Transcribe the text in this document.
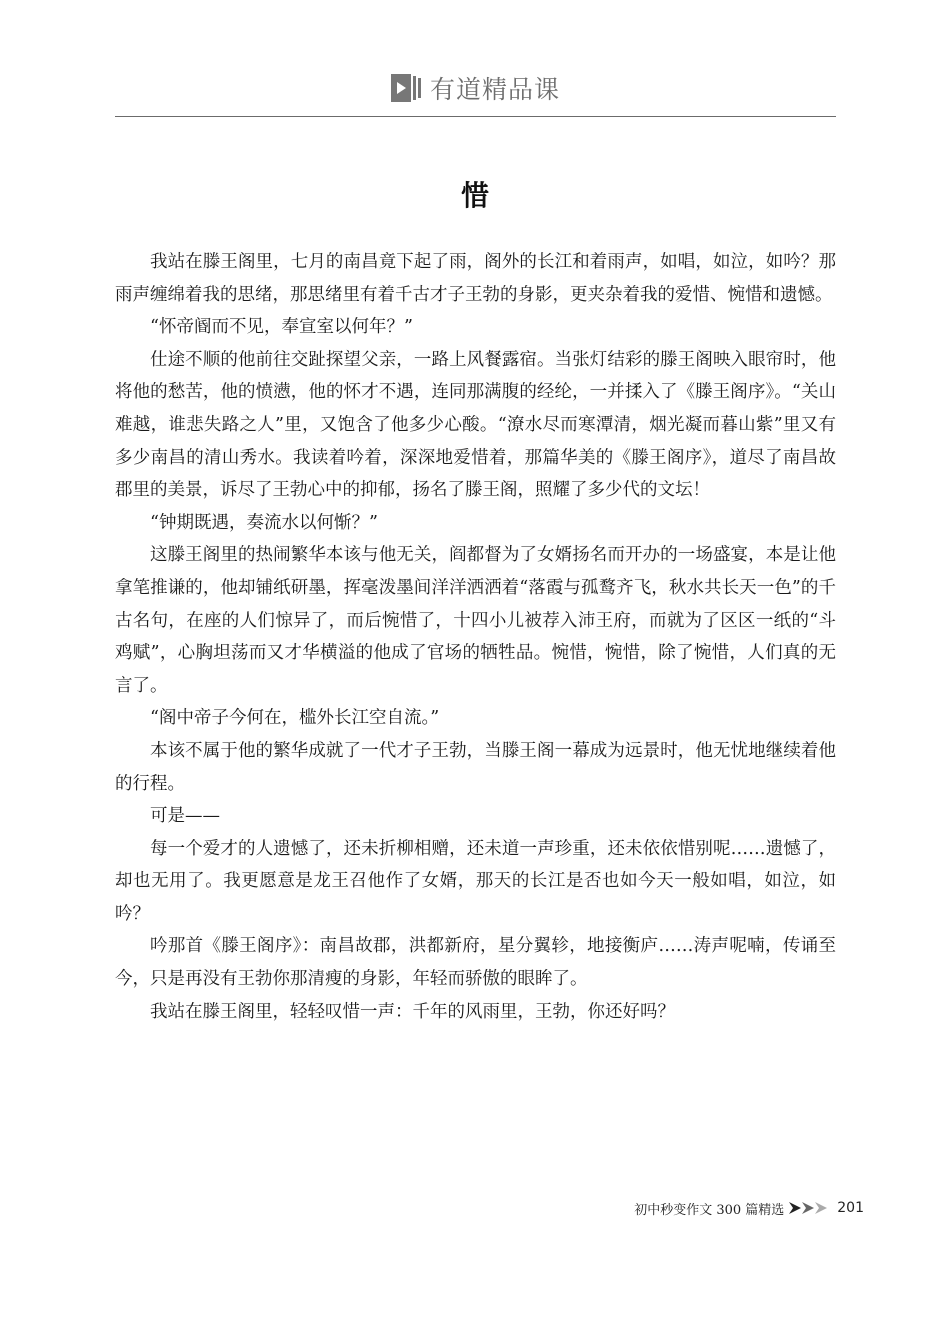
有道精品课
惜

我站在滕王阁里，七月的南昌竟下起了雨，阁外的长江和着雨声，如唱，如泣，如吟？那雨声缠绵着我的思绪，那思绪里有着千古才子王勃的身影，更夹杂着我的爱惜、惋惜和遗憾。

“怀帝阍而不见，奉宣室以何年？”

仕途不顺的他前往交趾探望父亲，一路上风餐露宿。当张灯结彩的滕王阁映入眼帘时，他将他的愁苦，他的愤懑，他的怀才不遇，连同那满腹的经纶，一并揉入了《滕王阁序》。“关山难越，谁悲失路之人”里，又饱含了他多少心酸。“潦水尽而寒潭清，烟光凝而暮山紫”里又有多少南昌的清山秀水。我读着吟着，深深地爱惜着，那篇华美的《滕王阁序》，道尽了南昌故郡里的美景，诉尽了王勃心中的抑郁，扬名了滕王阁，照耀了多少代的文坛！

“钟期既遇，奏流水以何惭？”

这滕王阁里的热闹繁华本该与他无关，阎都督为了女婿扬名而开办的一场盛宴，本是让他拿笔推谦的，他却铺纸研墨，挥毫泼墨间洋洋洒洒着“落霞与孤鹜齐飞，秋水共长天一色”的千古名句，在座的人们惊异了，而后惋惜了，十四小儿被荐入沛王府，而就为了区区一纸的“斗鸡赋”，心胸坦荡而又才华横溢的他成了官场的牺牲品。惋惜，惋惜，除了惋惜，人们真的无言了。

“阁中帝子今何在，槛外长江空自流。”

本该不属于他的繁华成就了一代才子王勃，当滕王阁一幕成为远景时，他无忧地继续着他的行程。

可是——

每一个爱才的人遗憾了，还未折柳相赠，还未道一声珍重，还未依依惜别呢……遗憾了，却也无用了。我更愿意是龙王召他作了女婿，那天的长江是否也如今天一般如唱，如泣，如吟？

吟那首《滕王阁序》：南昌故郡，洪都新府，星分翼轸，地接衡庐……涛声呢喃，传诵至今，只是再没有王勃你那清瘦的身影，年轻而骄傲的眼眸了。

我站在滕王阁里，轻轻叹惜一声：千年的风雨里，王勃，你还好吗？

初中秒变作文 300 篇精选	201
